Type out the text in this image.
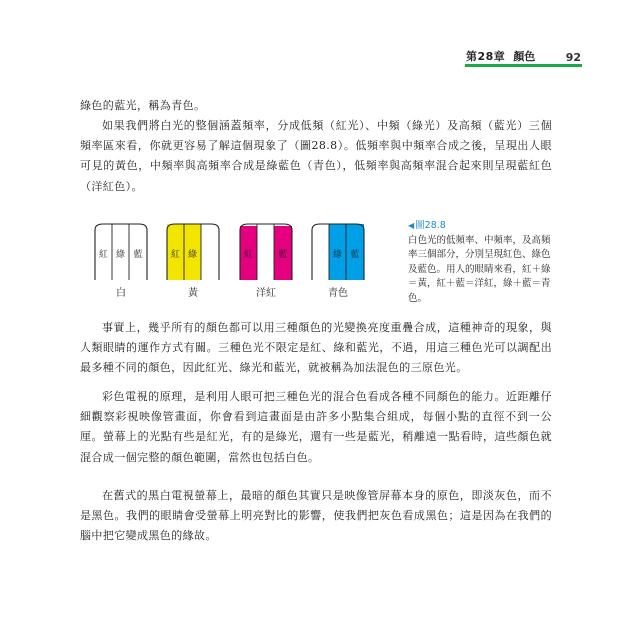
第28章 顏色	92

綠色的藍光，稱為青色。

如果我們將白光的整個涵蓋頻率，分成低頻（紅光）、中頻（綠光）及高頻（藍光）三個頻率區來看，你就更容易了解這個現象了（圖28.8）。低頻率與中頻率合成之後，呈現出人眼可見的黃色，中頻率與高頻率合成是綠藍色（青色），低頻率與高頻率混合起來則呈現藍紅色（洋紅色）。

紅 綠 藍	紅 綠	紅	藍	綠 藍
白	黃	洋紅	青色
◀圖28.8
白色光的低頻率、中頻率，及高頻率三個部分，分別呈現紅色、綠色及藍色。用人的眼睛來看，紅＋綠＝黃，紅＋藍＝洋紅，綠＋藍＝青色。

事實上，幾乎所有的顏色都可以用三種顏色的光變換亮度重疊合成，這種神奇的現象，與人類眼睛的運作方式有關。三種色光不限定是紅、綠和藍光，不過，用這三種色光可以調配出最多種不同的顏色，因此紅光、綠光和藍光，就被稱為加法混色的三原色光。

彩色電視的原理，是利用人眼可把三種色光的混合色看成各種不同顏色的能力。近距離仔細觀察彩視映像管畫面，你會看到這畫面是由許多小點集合組成，每個小點的直徑不到一公厘。螢幕上的光點有些是紅光，有的是綠光，還有一些是藍光，稍離遠一點看時，這些顏色就混合成一個完整的顏色範圍，當然也包括白色。

在舊式的黑白電視螢幕上，最暗的顏色其實只是映像管屏幕本身的原色，即淡灰色，而不是黑色。我們的眼睛會受螢幕上明亮對比的影響，使我們把灰色看成黑色；這是因為在我們的腦中把它變成黑色的緣故。
